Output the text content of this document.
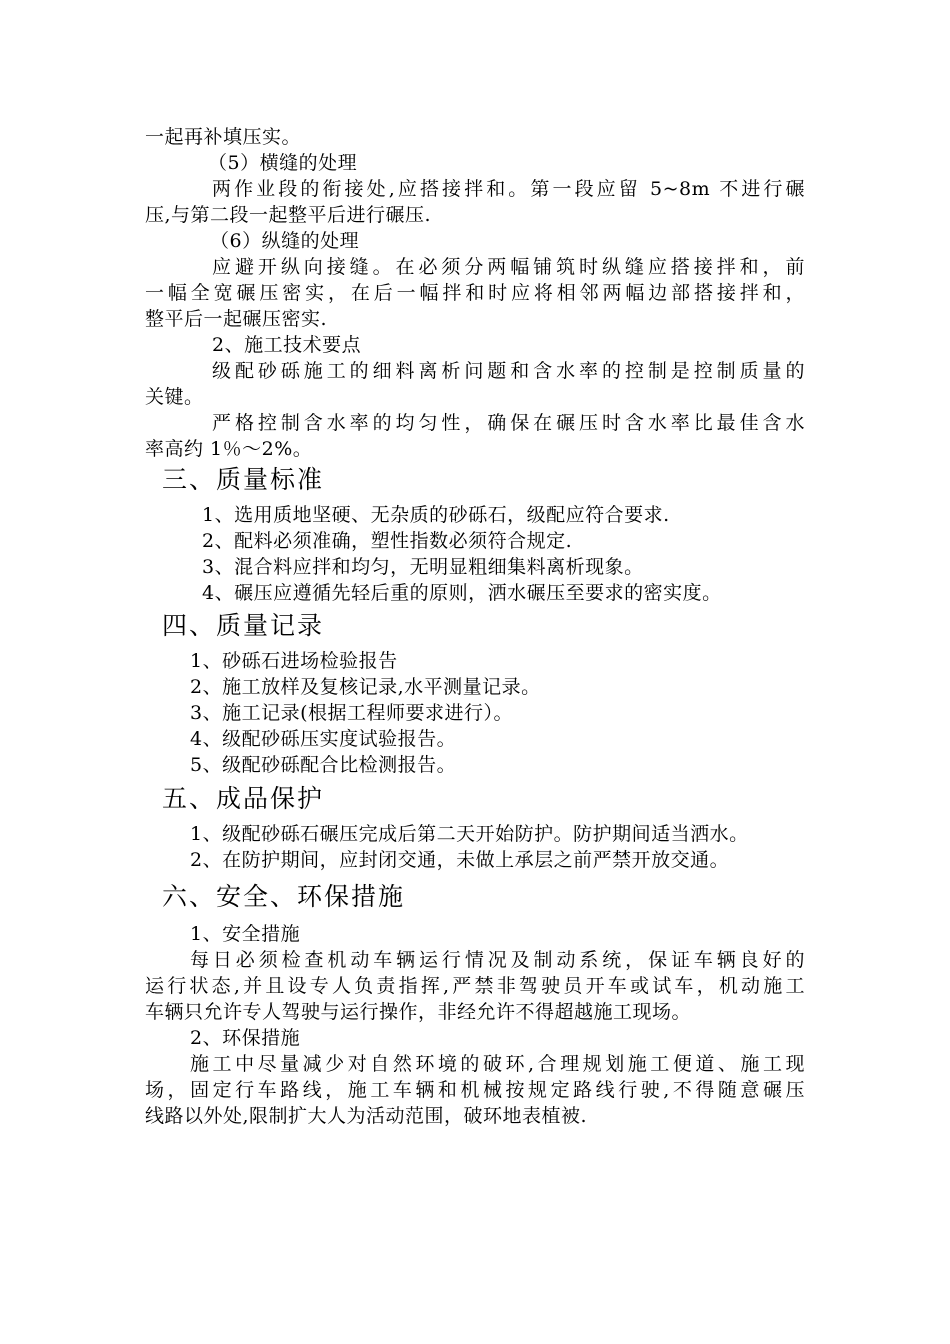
一起再补填压实。
（5）横缝的处理
两作业段的衔接处,应搭接拌和。第一段应留 5~8m 不进行碾
压,与第二段一起整平后进行碾压.
（6）纵缝的处理
应避开纵向接缝。在必须分两幅铺筑时纵缝应搭接拌和，前
一幅全宽碾压密实，在后一幅拌和时应将相邻两幅边部搭接拌和，
整平后一起碾压密实.
2、施工技术要点
级配砂砾施工的细料离析问题和含水率的控制是控制质量的
关键。
严格控制含水率的均匀性，确保在碾压时含水率比最佳含水
率高约 1％～2%。
三、质量标准
1、选用质地坚硬、无杂质的砂砾石，级配应符合要求.
2、配料必须准确，塑性指数必须符合规定.
3、混合料应拌和均匀，无明显粗细集料离析现象。
4、碾压应遵循先轻后重的原则，洒水碾压至要求的密实度。
四、质量记录
1、砂砾石进场检验报告
2、施工放样及复核记录,水平测量记录。
3、施工记录(根据工程师要求进行）。
4、级配砂砾压实度试验报告。
5、级配砂砾配合比检测报告。
五、成品保护
1、级配砂砾石碾压完成后第二天开始防护。防护期间适当洒水。
2、在防护期间，应封闭交通，未做上承层之前严禁开放交通。
六、安全、环保措施
1、安全措施
每日必须检查机动车辆运行情况及制动系统，保证车辆良好的
运行状态,并且设专人负责指挥,严禁非驾驶员开车或试车，机动施工
车辆只允许专人驾驶与运行操作，非经允许不得超越施工现场。
2、环保措施
施工中尽量减少对自然环境的破环,合理规划施工便道、施工现
场，固定行车路线，施工车辆和机械按规定路线行驶,不得随意碾压
线路以外处,限制扩大人为活动范围，破环地表植被.
